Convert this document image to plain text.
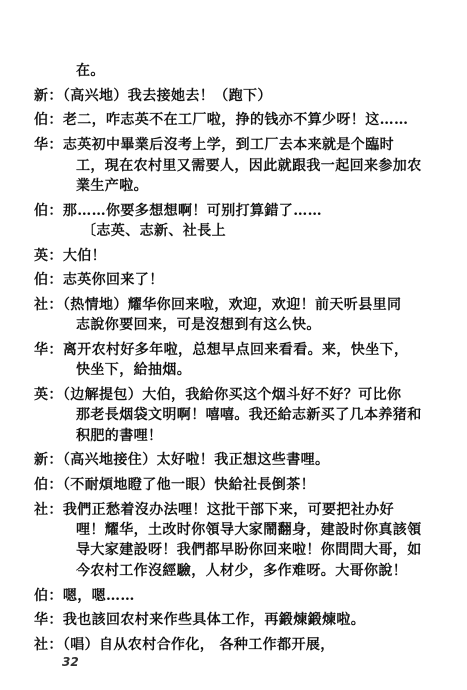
在。
新：（高兴地）我去接她去！（跑下）
伯：老二，咋志英不在工厂啦，挣的钱亦不算少呀！这……
华：志英初中畢業后沒考上学，到工厂去本来就是个臨时
工，現在农村里又需要人，因此就跟我一起回来参加农
業生产啦。
伯：那……你要多想想啊！可别打算錯了……
〔志英、志新、社長上
英：大伯！
伯：志英你回来了！
社：（热情地）耀华你回来啦，欢迎，欢迎！前天听县里同
志說你要回来，可是沒想到有这么快。
华：离开农村好多年啦，总想早点回来看看。来，快坐下，
快坐下，給抽烟。
英：（边解提包）大伯，我給你买这个烟斗好不好？可比你
那老長烟袋文明啊！嘻嘻。我还給志新买了几本养猪和
积肥的書哩！
新：（高兴地接住）太好啦！我正想这些書哩。
伯：（不耐煩地瞪了他一眼）快給社長倒茶！
社：我們正愁着沒办法哩！这批干部下来，可要把社办好
哩！耀华，土改时你領导大家鬧翻身，建設时你真該領
导大家建設呀！我們都早盼你回来啦！你問問大哥，如
今农村工作沒經驗，人材少，多作难呀。大哥你說！
伯：嗯，嗯……
华：我也該回农村来作些具体工作，再鍛煉鍛煉啦。
社：（唱）自从农村合作化， 各种工作都开展，
32
